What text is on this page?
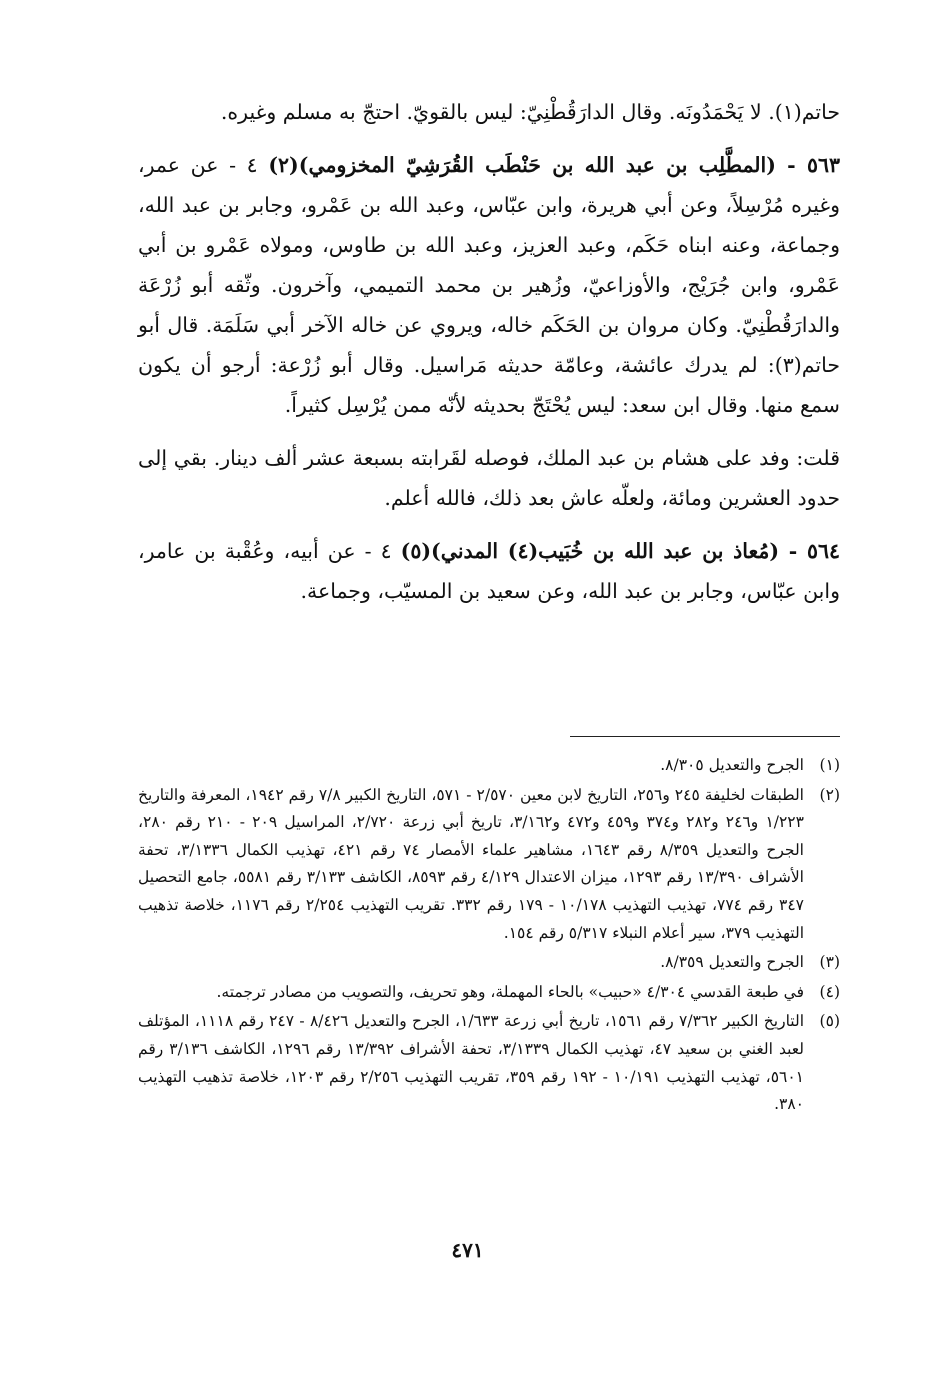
حاتم(١). لا يَحْمَدُونَه. وقال الدارَقُطْنِيّ: ليس بالقويّ. احتجّ به مسلم وغيره.

٥٦٣ - (المطَّلِب بن عبد الله بن حَنْطَب القُرَشِيّ المخزومي)(٢) ٤ - عن عمر، وغيره مُرْسِلاً، وعن أبي هريرة، وابن عبّاس، وعبد الله بن عَمْرو، وجابر بن عبد الله، وجماعة، وعنه ابناه حَكَم، وعبد العزيز، وعبد الله بن طاوس، ومولاه عَمْرو بن أبي عَمْرو، وابن جُرَيْج، والأوزاعيّ، وزُهير بن محمد التميمي، وآخرون. وثّقه أبو زُرْعَة والدارَقُطْنِيّ. وكان مروان بن الحَكَم خاله، ويروي عن خاله الآخر أبي سَلَمَة. قال أبو حاتم(٣): لم يدرك عائشة، وعامّة حديثه مَراسيل. وقال أبو زُرْعة: أرجو أن يكون سمع منها. وقال ابن سعد: ليس يُحْتَجّ بحديثه لأنّه ممن يُرْسِل كثيراً.

قلت: وفد على هشام بن عبد الملك، فوصله لقَرابته بسبعة عشر ألف دينار. بقي إلى حدود العشرين ومائة، ولعلّه عاش بعد ذلك، فالله أعلم.

٥٦٤ - (مُعاذ بن عبد الله بن خُبَيب(٤) المدني)(٥) ٤ - عن أبيه، وعُقْبة بن عامر، وابن عبّاس، وجابر بن عبد الله، وعن سعيد بن المسيّب، وجماعة.

(١)
الجرح والتعديل ٨/٣٠٥.
(٢)
الطبقات لخليفة ٢٤٥ و٢٥٦، التاريخ لابن معين ٢/٥٧٠ - ٥٧١، التاريخ الكبير ٧/٨ رقم ١٩٤٢، المعرفة والتاريخ ١/٢٢٣ و٢٤٦ و٢٨٢ و٣٧٤ و٤٥٩ و٤٧٢ و٣/١٦٢، تاريخ أبي زرعة ٢/٧٢٠، المراسيل ٢٠٩ - ٢١٠ رقم ٢٨٠، الجرح والتعديل ٨/٣٥٩ رقم ١٦٤٣، مشاهير علماء الأمصار ٧٤ رقم ٤٢١، تهذيب الكمال ٣/١٣٣٦، تحفة الأشراف ١٣/٣٩٠ رقم ١٢٩٣، ميزان الاعتدال ٤/١٢٩ رقم ٨٥٩٣، الكاشف ٣/١٣٣ رقم ٥٥٨١، جامع التحصيل ٣٤٧ رقم ٧٧٤، تهذيب التهذيب ١٠/١٧٨ - ١٧٩ رقم ٣٣٢. تقريب التهذيب ٢/٢٥٤ رقم ١١٧٦، خلاصة تذهيب التهذيب ٣٧٩، سير أعلام النبلاء ٥/٣١٧ رقم ١٥٤.
(٣)
الجرح والتعديل ٨/٣٥٩.
(٤)
في طبعة القدسي ٤/٣٠٤ «حبيب» بالحاء المهملة، وهو تحريف، والتصويب من مصادر ترجمته.
(٥)
التاريخ الكبير ٧/٣٦٢ رقم ١٥٦١، تاريخ أبي زرعة ١/٦٣٣، الجرح والتعديل ٨/٤٢٦ - ٢٤٧ رقم ١١١٨، المؤتلف لعبد الغني بن سعيد ٤٧، تهذيب الكمال ٣/١٣٣٩، تحفة الأشراف ١٣/٣٩٢ رقم ١٢٩٦، الكاشف ٣/١٣٦ رقم ٥٦٠١، تهذيب التهذيب ١٠/١٩١ - ١٩٢ رقم ٣٥٩، تقريب التهذيب ٢/٢٥٦ رقم ١٢٠٣، خلاصة تذهيب التهذيب ٣٨٠.
٤٧١
